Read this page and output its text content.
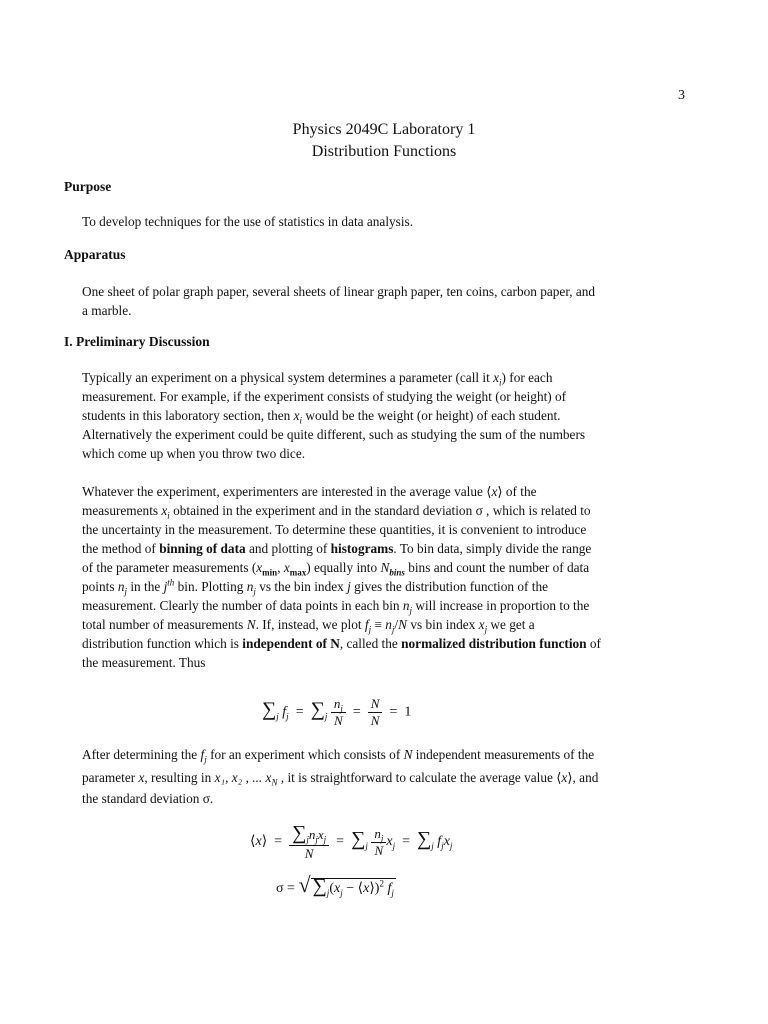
3
Physics 2049C Laboratory 1
Distribution Functions
Purpose
To develop techniques for the use of statistics in data analysis.
Apparatus
One sheet of polar graph paper, several sheets of linear graph paper, ten coins, carbon paper, and
a marble.
I. Preliminary Discussion
Typically an experiment on a physical system determines a parameter (call it $x_i$) for each
measurement. For example, if the experiment consists of studying the weight (or height) of
students in this laboratory section, then $x_i$ would be the weight (or height) of each student.
Alternatively the experiment could be quite different, such as studying the sum of the numbers
which come up when you throw two dice.
Whatever the experiment, experimenters are interested in the average value ⟨x⟩ of the
measurements $x_i$ obtained in the experiment and in the standard deviation σ , which is related to
the uncertainty in the measurement. To determine these quantities, it is convenient to introduce
the method of binning of data and plotting of histograms. To bin data, simply divide the range
of the parameter measurements ($x_{min}$, $x_{max}$) equally into $N_{bins}$ bins and count the number of data
points $n_j$ in the $j^{th}$ bin. Plotting $n_j$ vs the bin index j gives the distribution function of the
measurement. Clearly the number of data points in each bin $n_j$ will increase in proportion to the
total number of measurements N. If, instead, we plot $f_j \equiv n_j/N$ vs bin index $x_j$ we get a
distribution function which is independent of N, called the normalized distribution function of
the measurement. Thus
$\sum_j$ $f_j = \sum_j \frac{n_j}{N} = \frac{N}{N} = 1$
After determining the $f_j$ for an experiment which consists of N independent measurements of the
parameter x, resulting in x₁, x₂ , ... $x_N$ , it is straightforward to calculate the average value ⟨x⟩, and
the standard deviation σ.
⟨x⟩ = $\frac{\sum_jn_jx_j}{N} = \sum_j \frac{n_j}{N} x_j = \sum_j$ $f_jx_j$
σ = √ $\sum_j(x_j$ − ⟨x⟩)$^2$ $f_j$
